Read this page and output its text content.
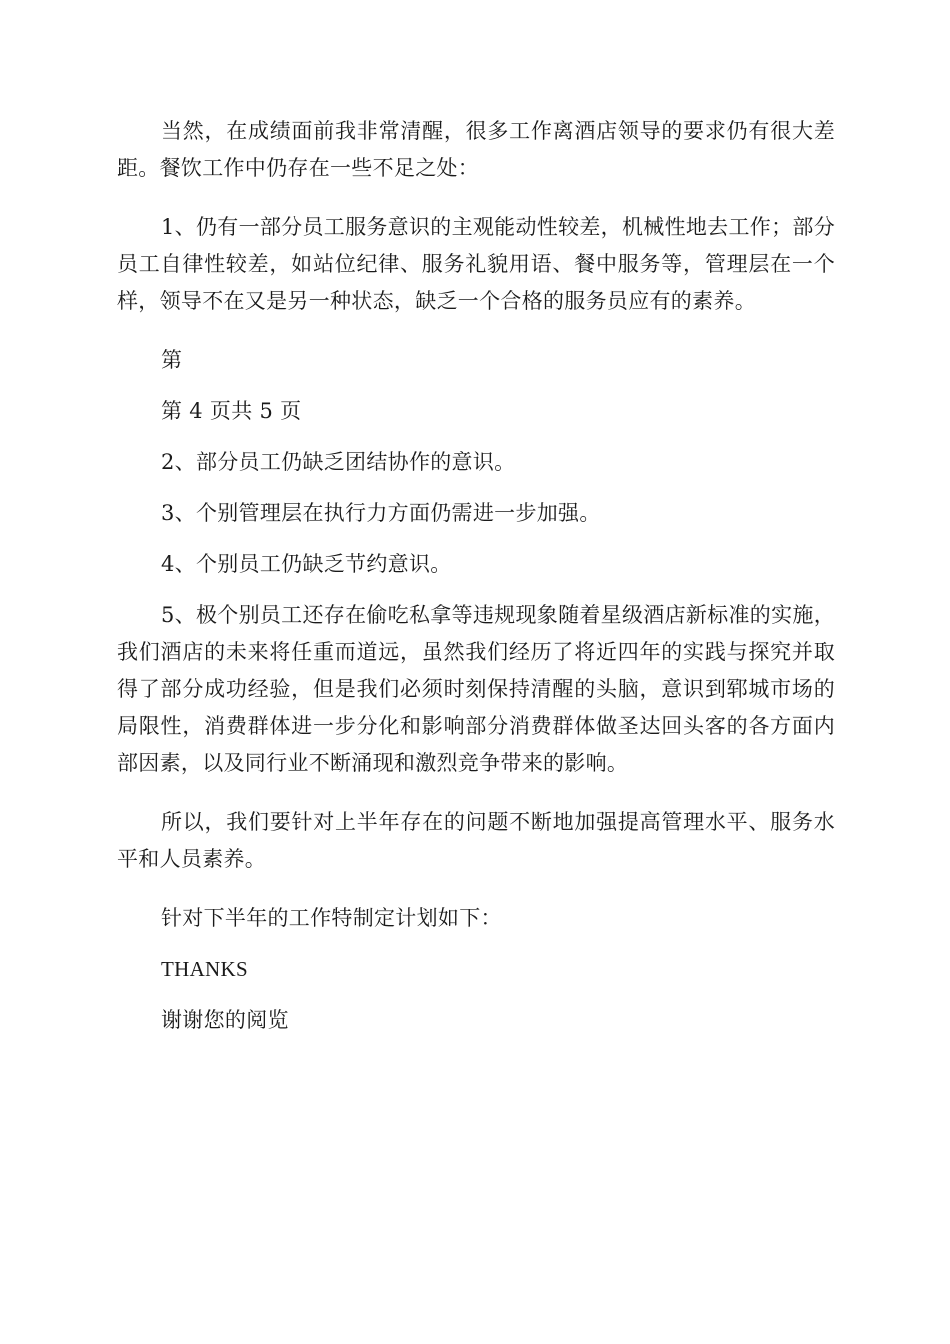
当然，在成绩面前我非常清醒，很多工作离酒店领导的要求仍有很大差距。餐饮工作中仍存在一些不足之处：

1、仍有一部分员工服务意识的主观能动性较差，机械性地去工作；部分员工自律性较差，如站位纪律、服务礼貌用语、餐中服务等，管理层在一个样，领导不在又是另一种状态，缺乏一个合格的服务员应有的素养。

第

第 4 页共 5 页

2、部分员工仍缺乏团结协作的意识。

3、个别管理层在执行力方面仍需进一步加强。

4、个别员工仍缺乏节约意识。

5、极个别员工还存在偷吃私拿等违规现象随着星级酒店新标准的实施，我们酒店的未来将任重而道远，虽然我们经历了将近四年的实践与探究并取得了部分成功经验，但是我们必须时刻保持清醒的头脑，意识到郓城市场的局限性，消费群体进一步分化和影响部分消费群体做圣达回头客的各方面内部因素，以及同行业不断涌现和激烈竞争带来的影响。

所以，我们要针对上半年存在的问题不断地加强提高管理水平、服务水平和人员素养。

针对下半年的工作特制定计划如下：

THANKS

谢谢您的阅览
